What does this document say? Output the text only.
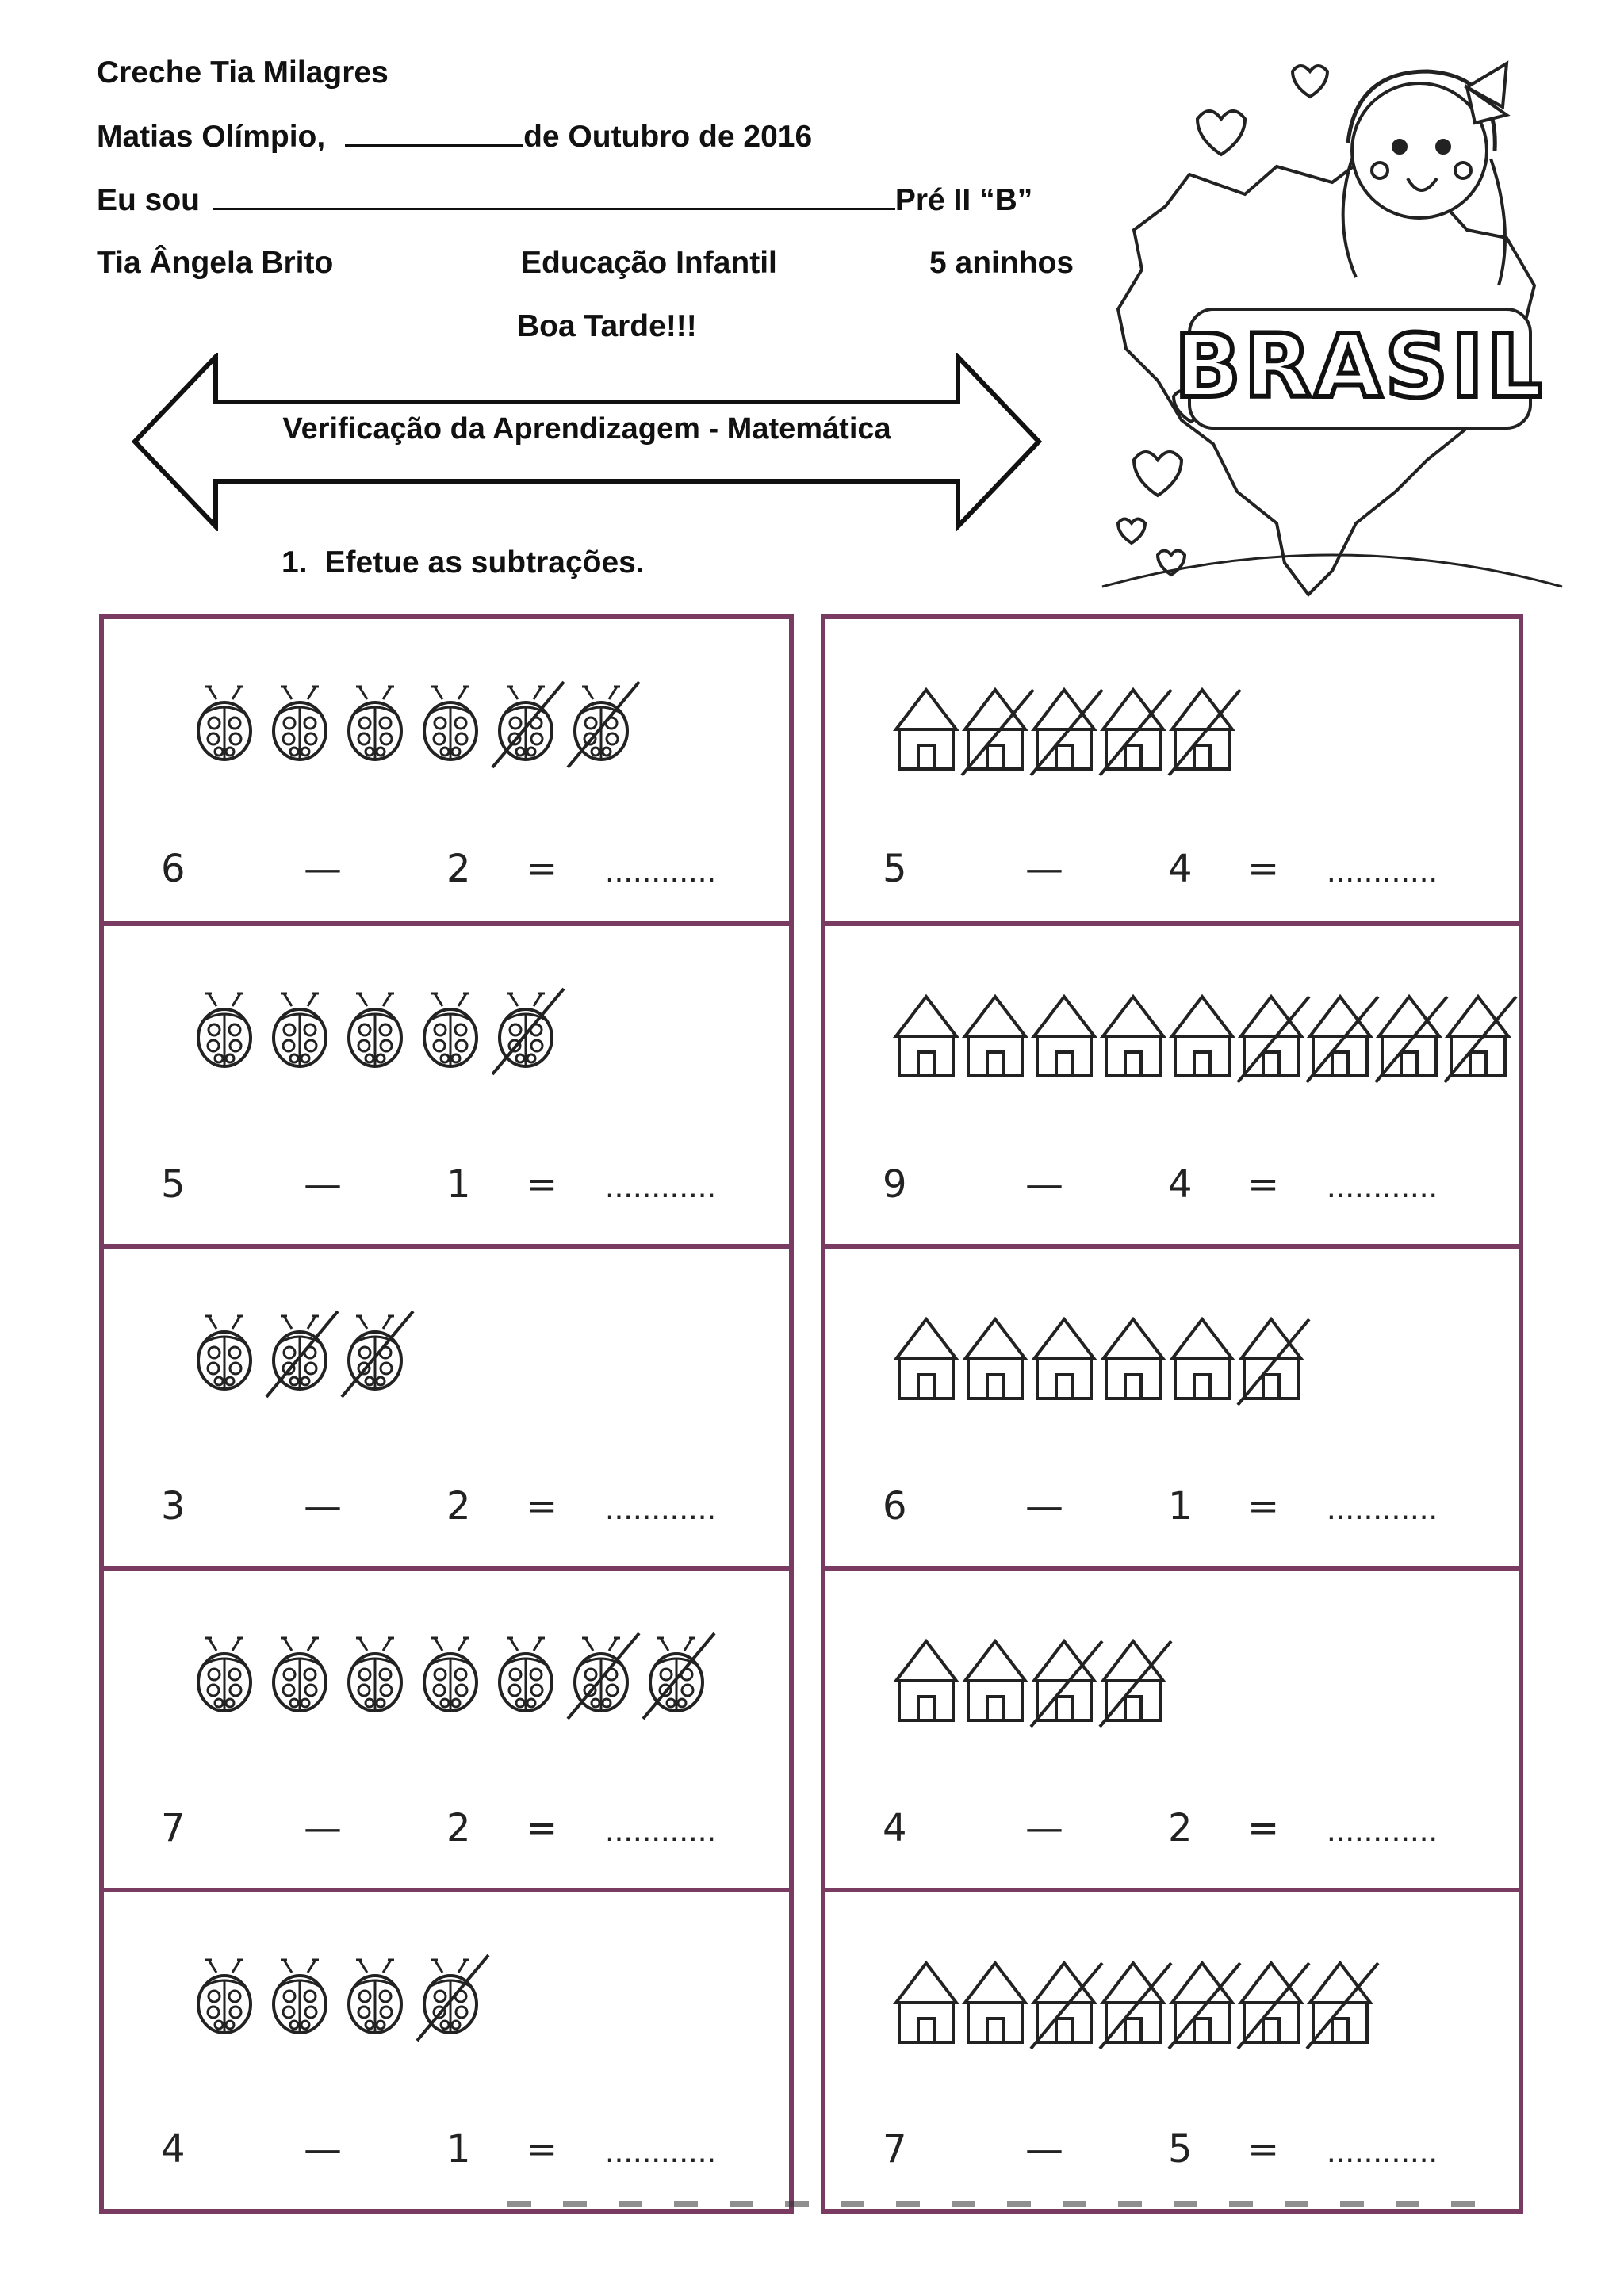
Creche Tia Milagres
Matias Olímpio,	de Outubro de 2016
Eu sou	Pré II “B”
Tia Ângela Brito	Educação Infantil	5 aninhos
Boa Tarde!!!
Verificação da Aprendizagem - Matemática
1. Efetue as subtrações.
BRASIL
6	—	2 = ............	5	—	4 = ............
5	—	1 = ............	9	—	4 = ............
3	—	2 = ............	6	—	1 = ............
7	—	2 = ............	4	—	2 = ............
4	—	1 = ............	7	—	5 = ............
